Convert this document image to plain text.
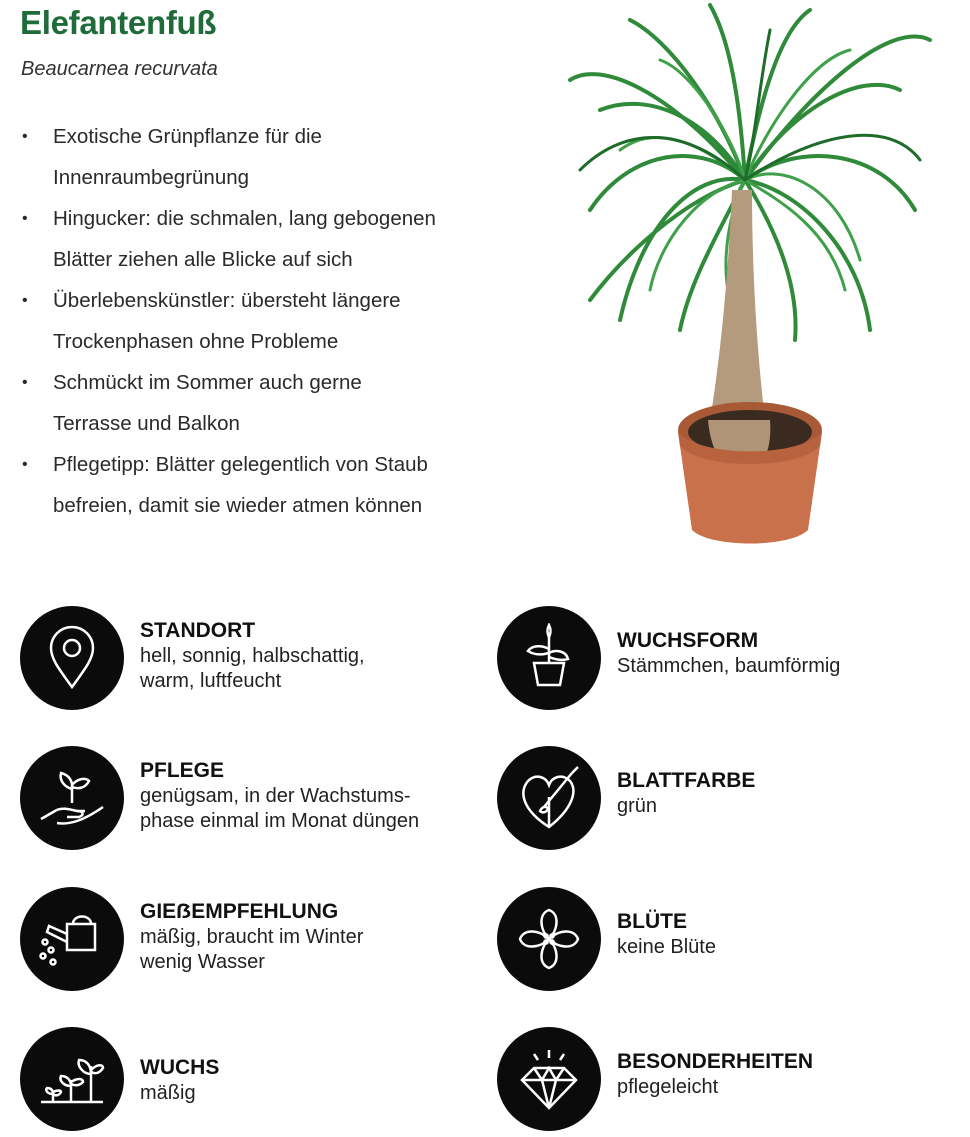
Elefantenfuß

Beaucarnea recurvata

• Exotische Grünpflanze für die
Innenraumbegrünung
• Hingucker: die schmalen, lang gebogenen
Blätter ziehen alle Blicke auf sich
• Überlebenskünstler: übersteht längere
Trockenphasen ohne Probleme
• Schmückt im Sommer auch gerne
Terrasse und Balkon
• Pflegetipp: Blätter gelegentlich von Staub
befreien, damit sie wieder atmen können

STANDORT

hell, sonnig, halbschattig,
warm, luftfeucht

WUCHSFORM

Stämmchen, baumförmig

PFLEGE

genügsam, in der Wachstums-
phase einmal im Monat düngen

BLATTFARBE

grün

GIEẞEMPFEHLUNG

mäßig, braucht im Winter
wenig Wasser

BLÜTE

keine Blüte

WUCHS

mäßig

BESONDERHEITEN

pflegeleicht
